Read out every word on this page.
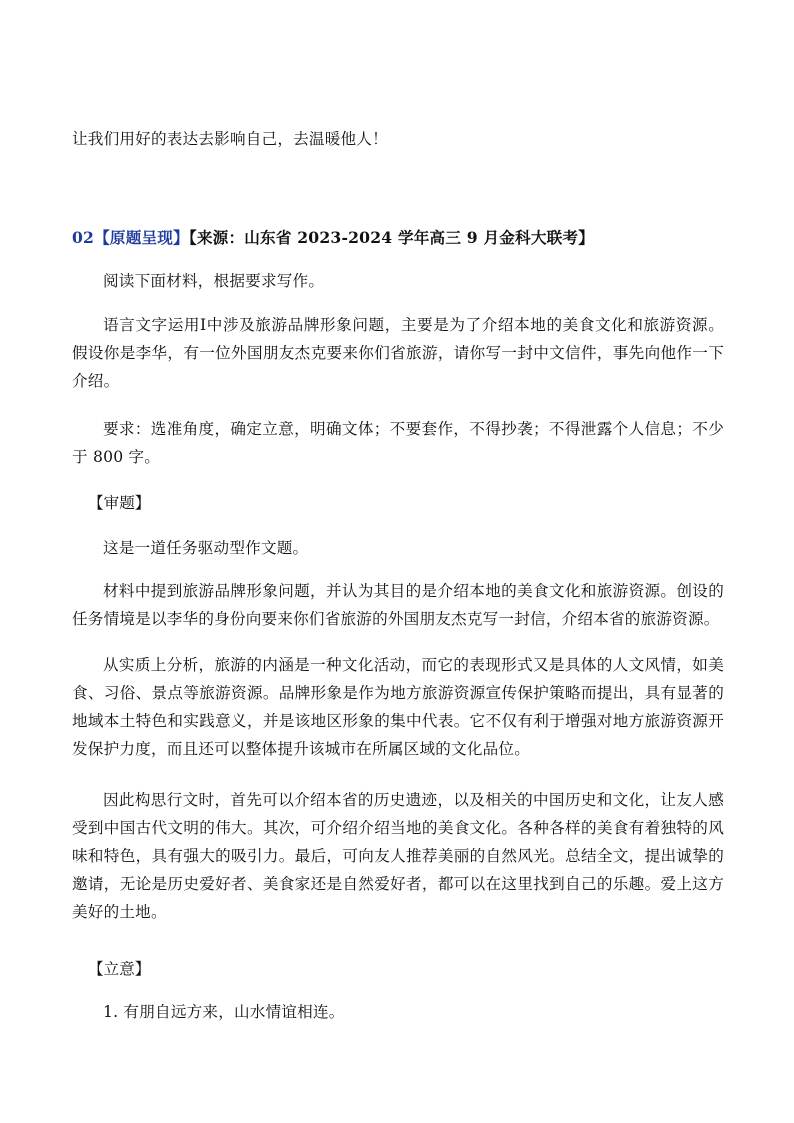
让我们用好的表达去影响自己，去温暖他人！

02【原题呈现】【来源：山东省 2023-2024 学年高三 9 月金科大联考】

阅读下面材料，根据要求写作。

语言文字运用Ⅰ中涉及旅游品牌形象问题，主要是为了介绍本地的美食文化和旅游资源。假设你是李华，有一位外国朋友杰克要来你们省旅游，请你写一封中文信件，事先向他作一下介绍。

要求：选准角度，确定立意，明确文体；不要套作，不得抄袭；不得泄露个人信息；不少于 800 字。

【审题】

这是一道任务驱动型作文题。

材料中提到旅游品牌形象问题，并认为其目的是介绍本地的美食文化和旅游资源。创设的任务情境是以李华的身份向要来你们省旅游的外国朋友杰克写一封信，介绍本省的旅游资源。

从实质上分析，旅游的内涵是一种文化活动，而它的表现形式又是具体的人文风情，如美食、习俗、景点等旅游资源。品牌形象是作为地方旅游资源宣传保护策略而提出，具有显著的地域本土特色和实践意义，并是该地区形象的集中代表。它不仅有利于增强对地方旅游资源开发保护力度，而且还可以整体提升该城市在所属区域的文化品位。

因此构思行文时，首先可以介绍本省的历史遗迹，以及相关的中国历史和文化，让友人感受到中国古代文明的伟大。其次，可介绍介绍当地的美食文化。各种各样的美食有着独特的风味和特色，具有强大的吸引力。最后，可向友人推荐美丽的自然风光。总结全文，提出诚挚的邀请，无论是历史爱好者、美食家还是自然爱好者，都可以在这里找到自己的乐趣。爱上这方美好的土地。

【立意】

1. 有朋自远方来，山水情谊相连。
